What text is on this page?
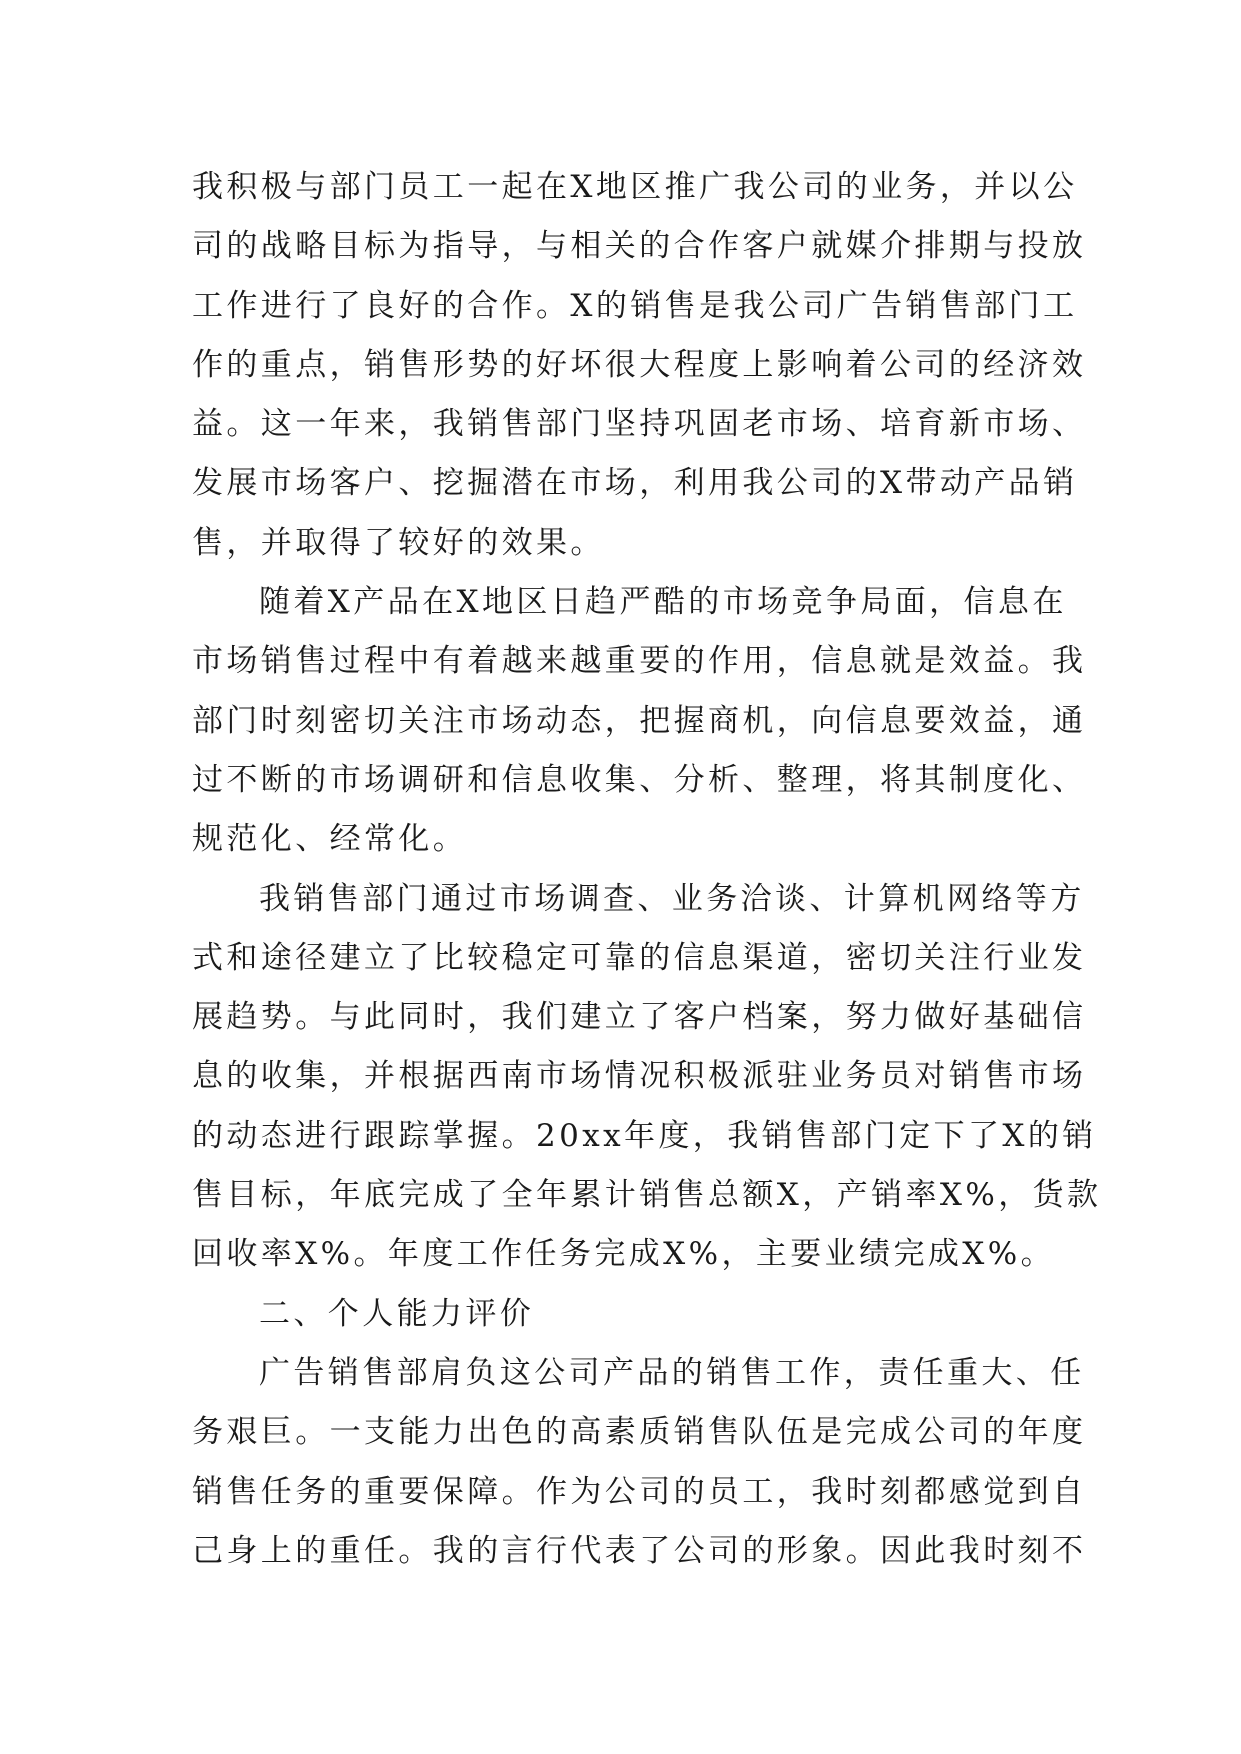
我积极与部门员工一起在X地区推广我公司的业务，并以公
司的战略目标为指导，与相关的合作客户就媒介排期与投放
工作进行了良好的合作。X的销售是我公司广告销售部门工
作的重点，销售形势的好坏很大程度上影响着公司的经济效
益。这一年来，我销售部门坚持巩固老市场、培育新市场、
发展市场客户、挖掘潜在市场，利用我公司的X带动产品销
售，并取得了较好的效果。
随着X产品在X地区日趋严酷的市场竞争局面，信息在
市场销售过程中有着越来越重要的作用，信息就是效益。我
部门时刻密切关注市场动态，把握商机，向信息要效益，通
过不断的市场调研和信息收集、分析、整理，将其制度化、
规范化、经常化。
我销售部门通过市场调查、业务洽谈、计算机网络等方
式和途径建立了比较稳定可靠的信息渠道，密切关注行业发
展趋势。与此同时，我们建立了客户档案，努力做好基础信
息的收集，并根据西南市场情况积极派驻业务员对销售市场
的动态进行跟踪掌握。20xx年度，我销售部门定下了X的销
售目标，年底完成了全年累计销售总额X，产销率X%，货款
回收率X%。年度工作任务完成X%，主要业绩完成X%。
二、个人能力评价
广告销售部肩负这公司产品的销售工作，责任重大、任
务艰巨。一支能力出色的高素质销售队伍是完成公司的年度
销售任务的重要保障。作为公司的员工，我时刻都感觉到自
己身上的重任。我的言行代表了公司的形象。因此我时刻不
